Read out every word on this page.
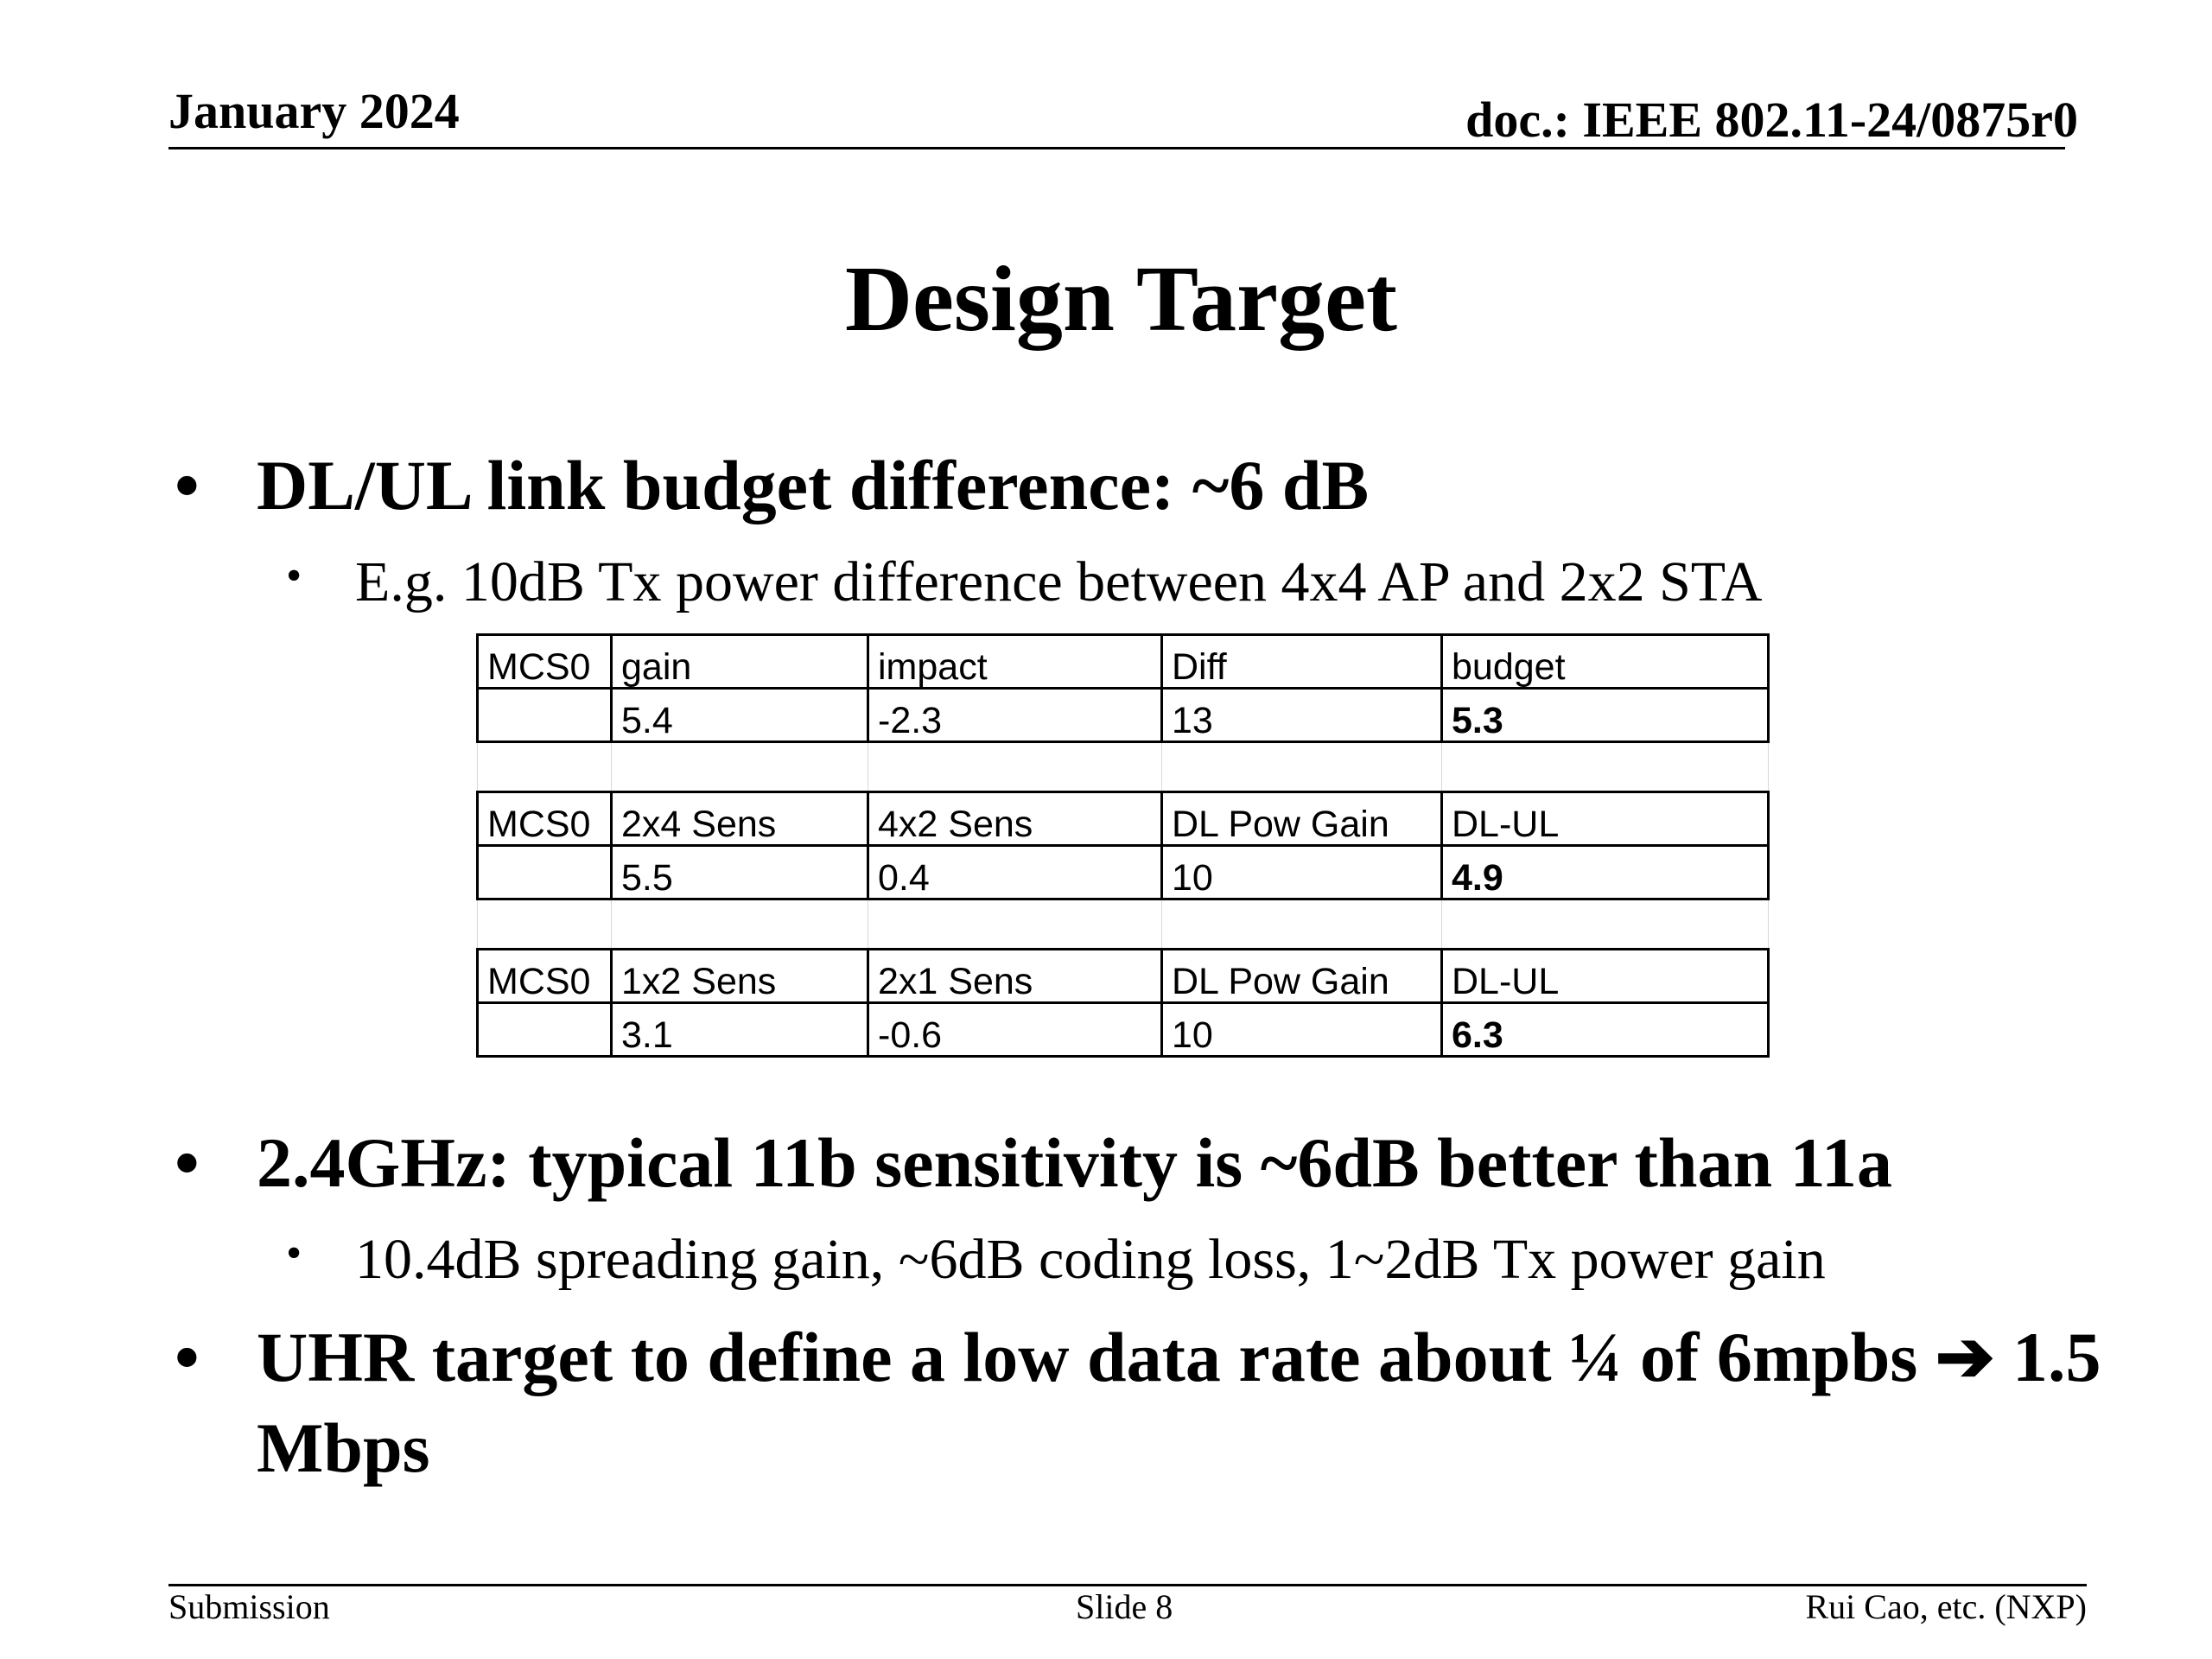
January 2024	doc.: IEEE 802.11-24/0875r0
Design Target
• DL/UL link budget difference: ~6 dB
• E.g. 10dB Tx power difference between 4x4 AP and 2x2 STA
MCS0	gain	impact	Diff	budget
	5.4	-2.3	13	5.3

MCS0	2x4 Sens	4x2 Sens	DL Pow Gain	DL-UL
	5.5	0.4	10	4.9

MCS0	1x2 Sens	2x1 Sens	DL Pow Gain	DL-UL
	3.1	-0.6	10	6.3
• 2.4GHz: typical 11b sensitivity is ~6dB better than 11a
• 10.4dB spreading gain, ~6dB coding loss, 1~2dB Tx power gain
• UHR target to define a low data rate about ¼ of 6mpbs ➔ 1.5 Mbps
Submission	Slide 8	Rui Cao, etc. (NXP)
